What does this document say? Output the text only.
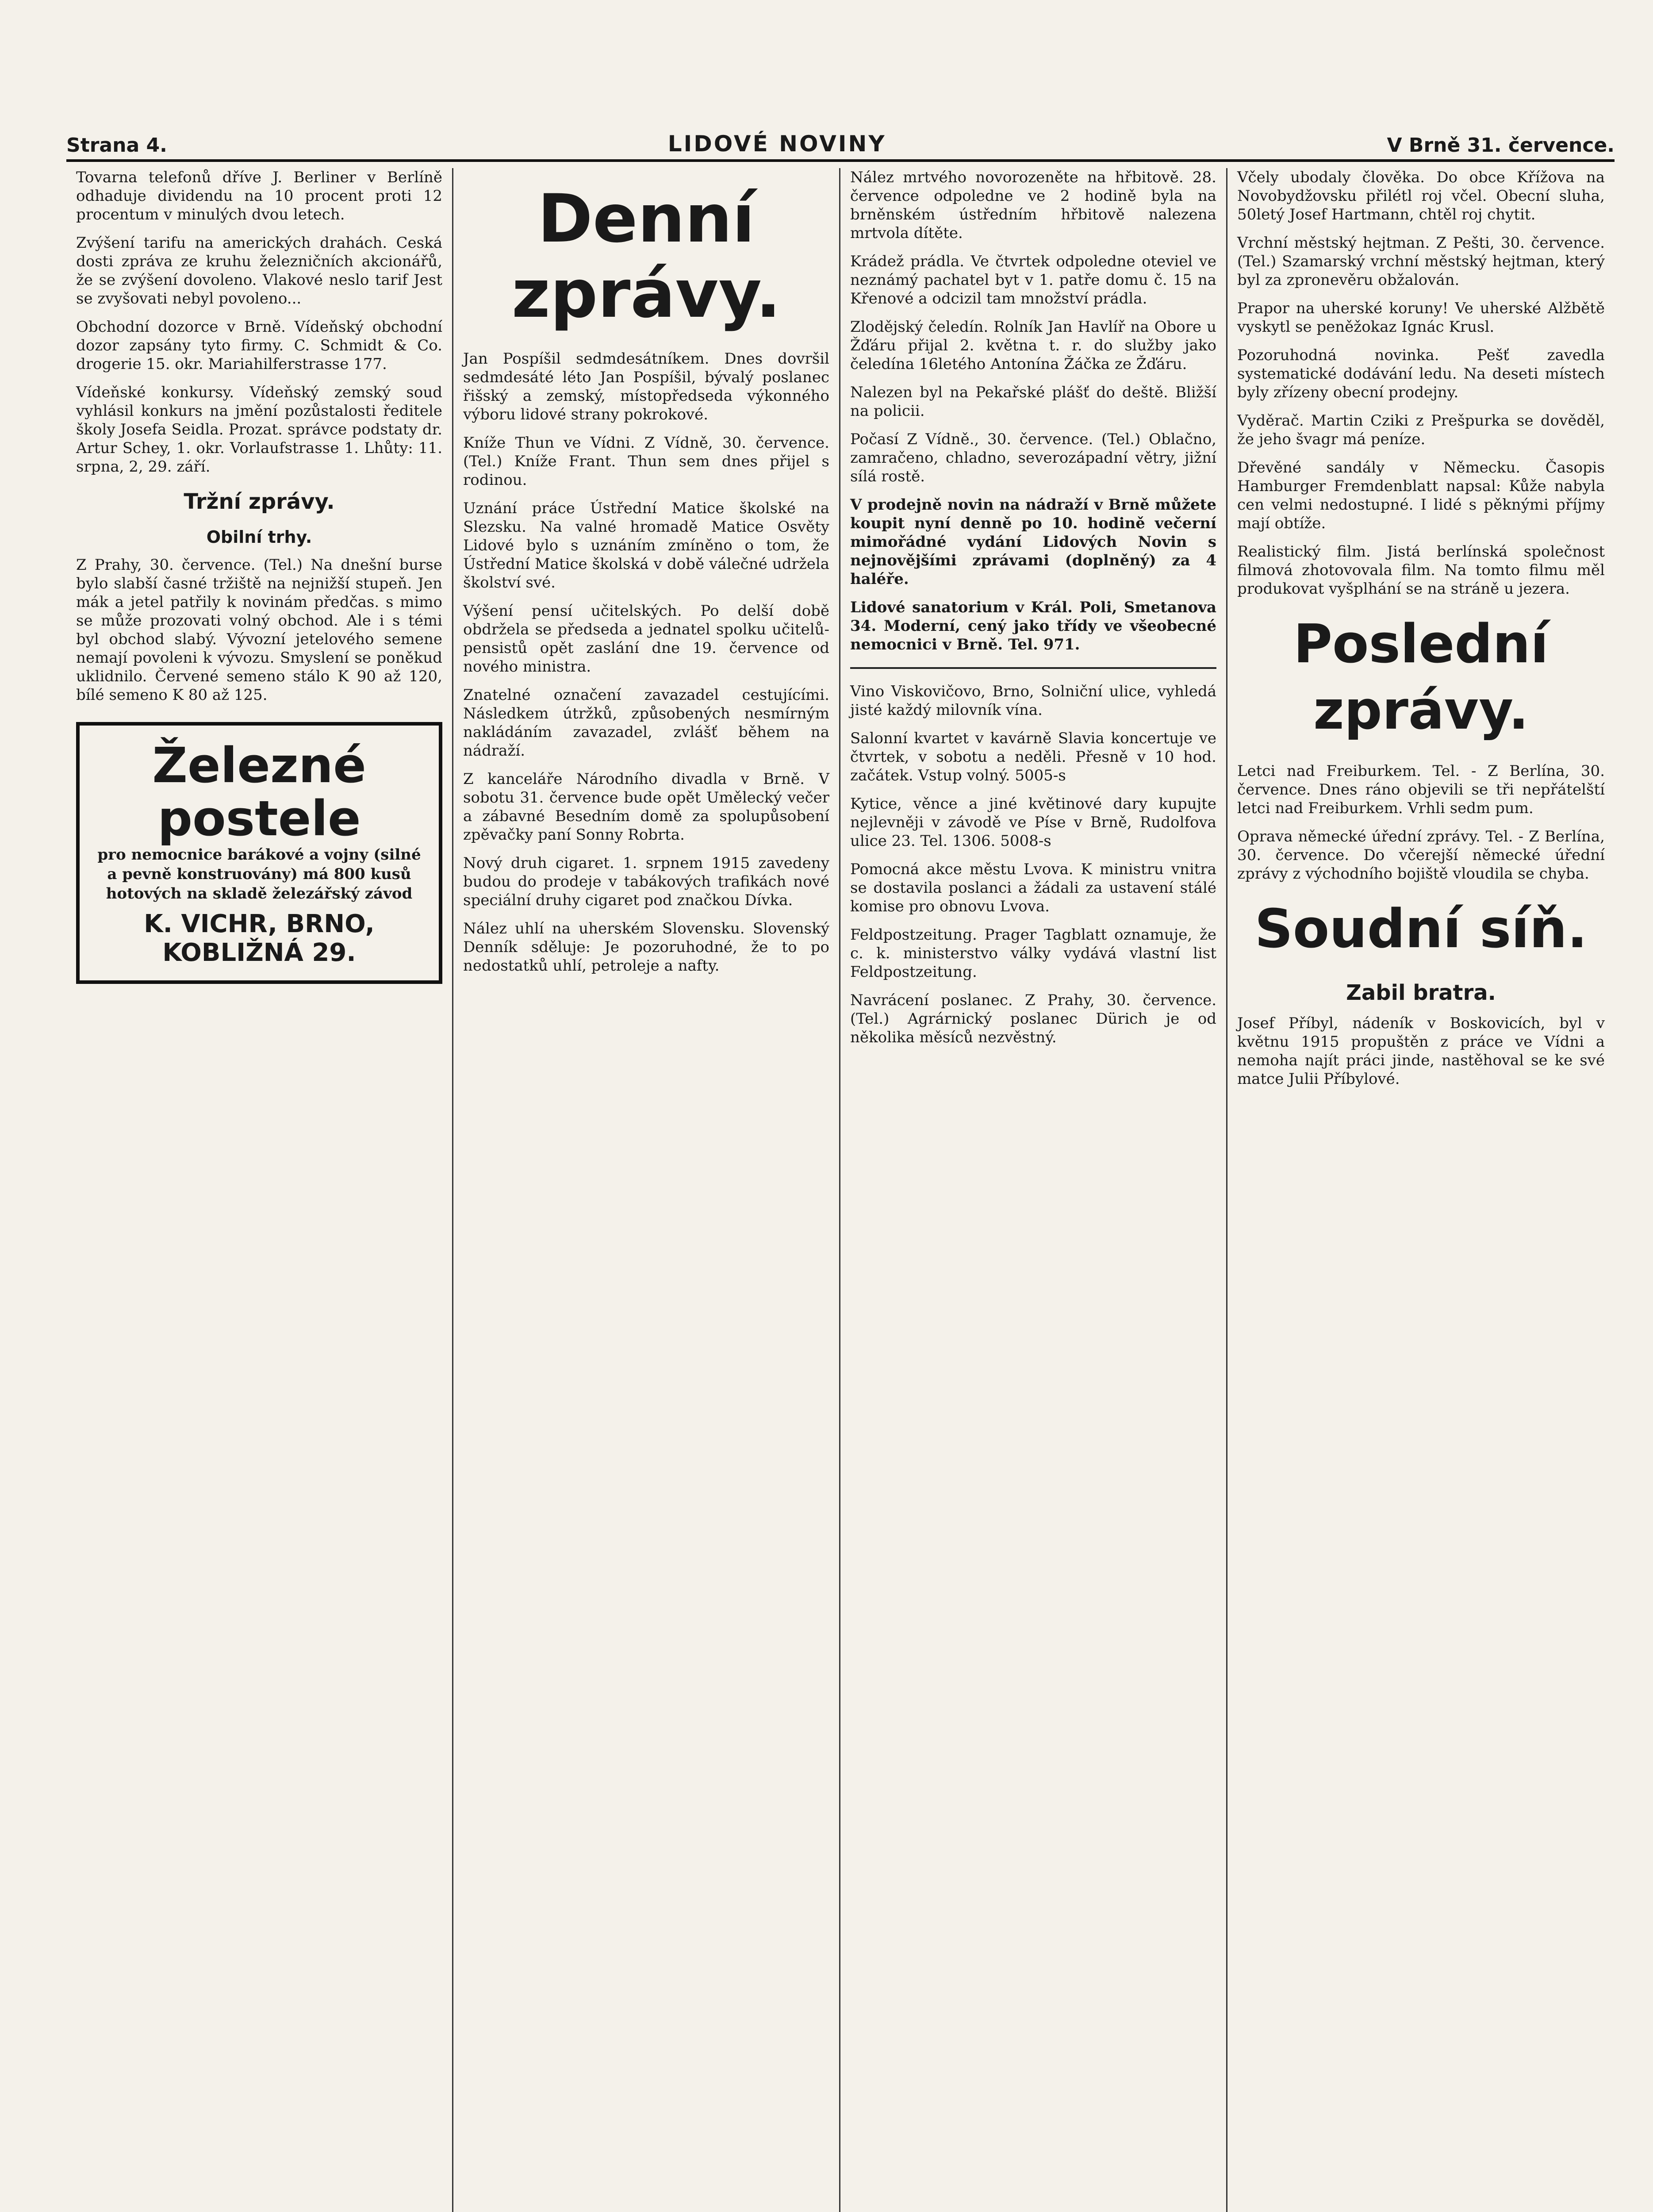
Strana 4.	LIDOVÉ NOVINY	V Brně 31. července.

Tovarna telefonů dříve J. Berliner v Berlíně odhaduje dividendu na 10 procent proti 12 procentum v minulých dvou letech.

Zvýšení tarifu na amerických drahách. Ceská dosti zpráva ze kruhu železničních akcionářů, že se zvýšení dovoleno. Vlakové neslo tarif Jest se zvyšovati nebyl povoleno...

Obchodní dozorce v Brně. Vídeňský obchodní dozor zapsány tyto firmy. C. Schmidt & Co. drogerie 15. okr. Mariahilferstrasse 177.

Vídeňské konkursy. Vídeňský zemský soud vyhlásil konkurs na jmění pozůstalosti ředitele školy Josefa Seidla. Prozat. správce podstaty dr. Artur Schey, 1. okr. Vorlaufstrasse 1. Lhůty: 11. srpna, 2, 29. září.

Tržní zprávy.
Obilní trhy.

Z Prahy, 30. července. (Tel.) Na dnešní burse bylo slabší časné tržiště na nejnižší stupeň. Jen mák a jetel patřily k novinám předčas. s mimo se může prozovati volný obchod. Ale i s témi byl obchod slabý. Vývozní jetelového semene nemají povoleni k vývozu. Smyslení se poněkud uklidnilo. Červené semeno stálo K 90 až 120, bílé semeno K 80 až 125.

Železné postele
pro nemocnice barákové a vojny (silné a pevně konstruovány) má 800 kusů hotových na skladě železářský závod
K. VICHR, BRNO, KOBLIŽNÁ 29.
Denní zprávy.

Jan Pospíšil sedmdesátníkem. Dnes dovršil sedmdesáté léto Jan Pospíšil, bývalý poslanec řišský a zemský, místopředseda výkonného výboru lidové strany pokrokové.

Kníže Thun ve Vídni. Z Vídně, 30. července. (Tel.) Kníže Frant. Thun sem dnes přijel s rodinou.

Uznání práce Ústřední Matice školské na Slezsku. Na valné hromadě Matice Osvěty Lidové bylo s uznáním zmíněno o tom, že Ústřední Matice školská v době válečné udržela školství své.

Výšení pensí učitelských. Po delší době obdržela se předseda a jednatel spolku učitelů-pensistů opět zaslání dne 19. července od nového ministra.

Znatelné označení zavazadel cestujícími. Následkem útržků, způsobených nesmírným nakládáním zavazadel, zvlášť během na nádraží.

Z kanceláře Národního divadla v Brně. V sobotu 31. července bude opět Umělecký večer a zábavné Besedním domě za spolupůsobení zpěvačky paní Sonny Robrta.

Nový druh cigaret. 1. srpnem 1915 zavedeny budou do prodeje v tabákových trafikách nové speciální druhy cigaret pod značkou Dívka.

Nález uhlí na uherském Slovensku. Slovenský Denník sděluje: Je pozoruhodné, že to po nedostatků uhlí, petroleje a nafty.

Nález mrtvého novorozeněte na hřbitově. 28. července odpoledne ve 2 hodině byla na brněnském ústředním hřbitově nalezena mrtvola dítěte.

Krádež prádla. Ve čtvrtek odpoledne oteviel ve neznámý pachatel byt v 1. patře domu č. 15 na Křenové a odcizil tam množství prádla.

Zlodějský čeledín. Rolník Jan Havlíř na Obore u Žďáru přijal 2. května t. r. do služby jako čeledína 16letého Antonína Žáčka ze Žďáru.

Nalezen byl na Pekařské plášť do deště. Bližší na policii.

Počasí Z Vídně., 30. července. (Tel.) Oblačno, zamračeno, chladno, severozápadní větry, jižní sílá rostě.

V prodejně novin na nádraží v Brně můžete koupit nyní denně po 10. hodině večerní mimořádné vydání Lidových Novin s nejnovějšími zprávami (doplněný) za 4 haléře.

Lidové sanatorium v Král. Poli, Smetanova 34. Moderní, cený jako třídy ve všeobecné nemocnici v Brně. Tel. 971.

Vino Viskovičovo, Brno, Solniční ulice, vyhledá jisté každý milovník vína.

Salonní kvartet v kavárně Slavia koncertuje ve čtvrtek, v sobotu a neděli. Přesně v 10 hod. začátek. Vstup volný. 5005-s

Kytice, věnce a jiné květinové dary kupujte nejlevněji v závodě ve Píse v Brně, Rudolfova ulice 23. Tel. 1306. 5008-s

Pomocná akce městu Lvova. K ministru vnitra se dostavila poslanci a žádali za ustavení stálé komise pro obnovu Lvova.

Feldpostzeitung. Prager Tagblatt oznamuje, že c. k. ministerstvo války vydává vlastní list Feldpostzeitung.

Navrácení poslanec. Z Prahy, 30. července. (Tel.) Agrárnický poslanec Dürich je od několika měsíců nezvěstný.

Včely ubodaly člověka. Do obce Křížova na Novobydžovsku přilétl roj včel. Obecní sluha, 50letý Josef Hartmann, chtěl roj chytit.

Vrchní městský hejtman. Z Pešti, 30. července. (Tel.) Szamarský vrchní městský hejtman, který byl za zpronevěru obžalován.

Prapor na uherské koruny! Ve uherské Alžbětě vyskytl se peněžokaz Ignác Krusl.

Pozoruhodná novinka. Pešť zavedla systematické dodávání ledu. Na deseti místech byly zřízeny obecní prodejny.

Vyděrač. Martin Cziki z Prešpurka se dověděl, že jeho švagr má peníze.

Dřevěné sandály v Německu. Časopis Hamburger Fremdenblatt napsal: Kůže nabyla cen velmi nedostupné. I lidé s pěknými příjmy mají obtíže.

Realistický film. Jistá berlínská společnost filmová zhotovovala film. Na tomto filmu měl produkovat vyšplhání se na stráně u jezera.

Poslední zprávy.

Letci nad Freiburkem. Tel. - Z Berlína, 30. července. Dnes ráno objevili se tři nepřátelští letci nad Freiburkem. Vrhli sedm pum.

Oprava německé úřední zprávy. Tel. - Z Berlína, 30. července. Do včerejší německé úřední zprávy z východního bojiště vloudila se chyba.

Soudní síň.
Zabil bratra.

Josef Příbyl, nádeník v Boskovicích, byl v květnu 1915 propuštěn z práce ve Vídni a nemoha najít práci jinde, nastěhoval se ke své matce Julii Příbylové.
